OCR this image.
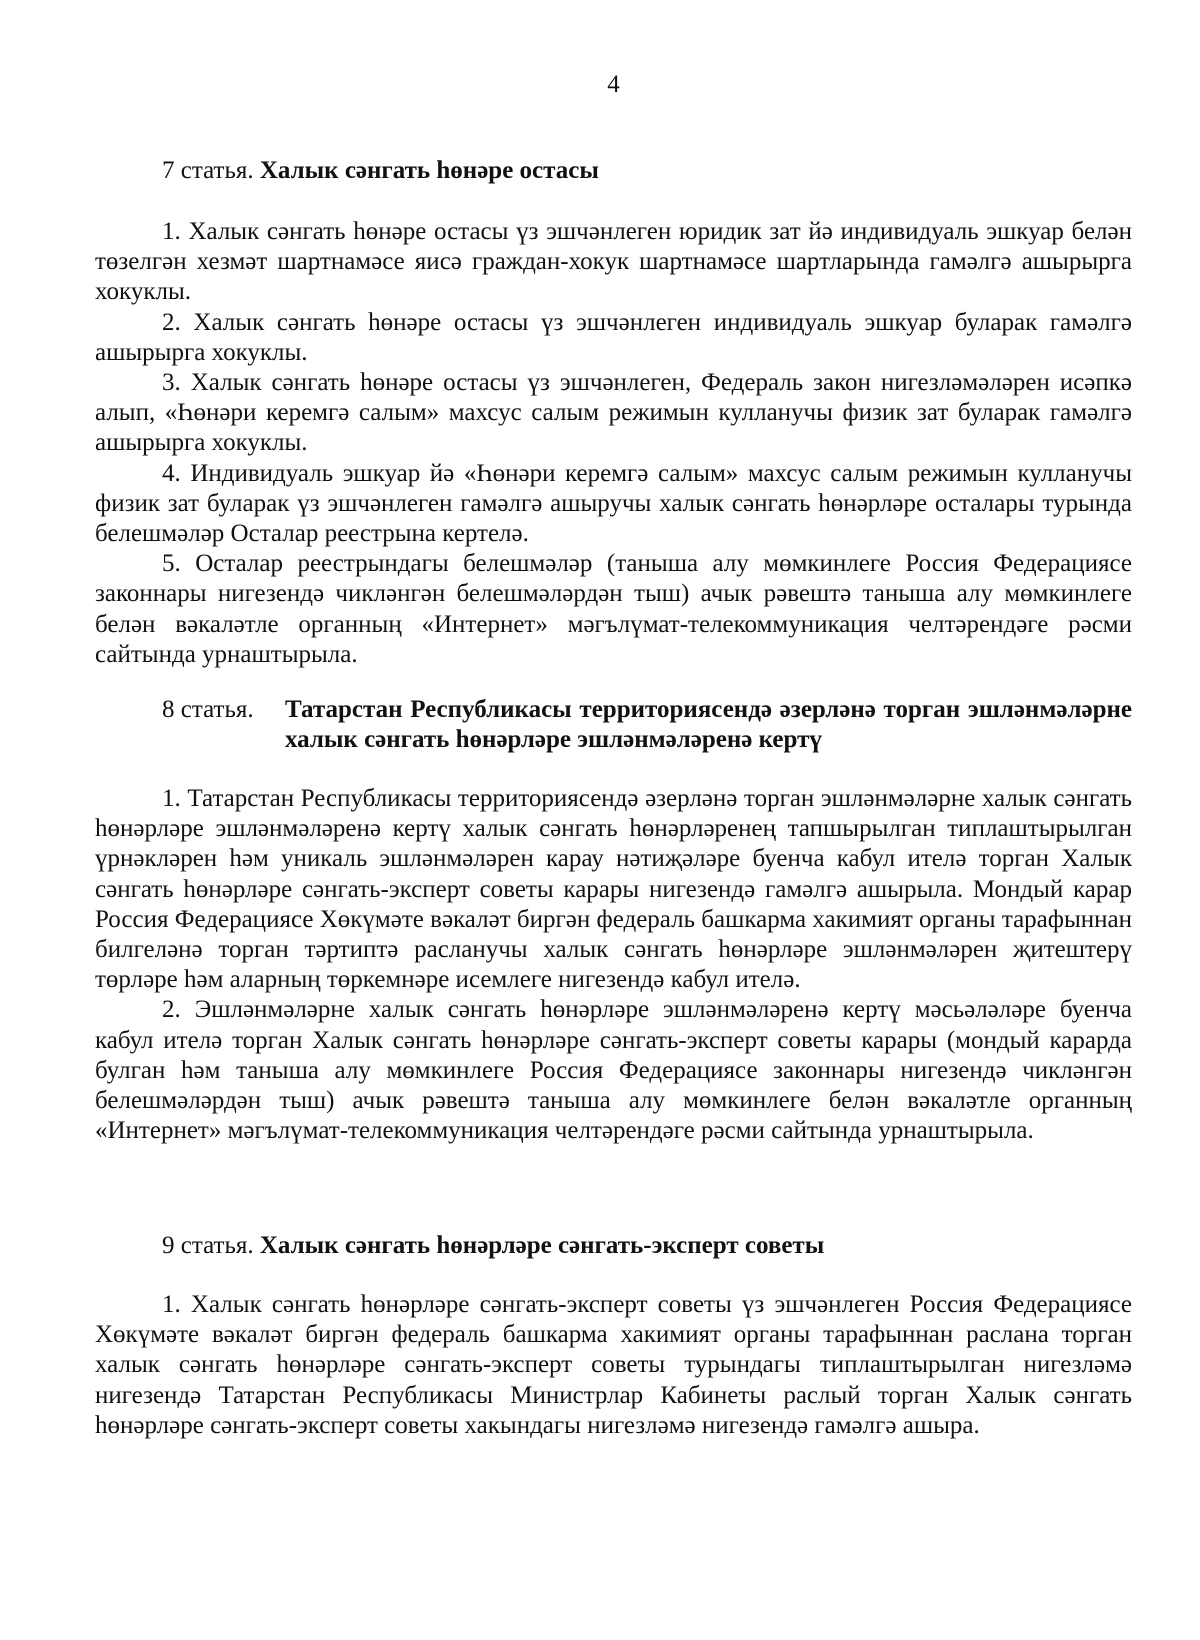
4

7 статья. Халык сәнгать һөнәре остасы

1. Халык сәнгать һөнәре остасы үз эшчәнлеген юридик зат йә индивидуаль эшкуар белән төзелгән хезмәт шартнамәсе яисә граждан-хокук шартнамәсе шартларында гамәлгә ашырырга хокуклы.

2. Халык сәнгать һөнәре остасы үз эшчәнлеген индивидуаль эшкуар буларак гамәлгә ашырырга хокуклы.

3. Халык сәнгать һөнәре остасы үз эшчәнлеген, Федераль закон нигезләмәләрен исәпкә алып, «Һөнәри керемгә салым» махсус салым режимын кулланучы физик зат буларак гамәлгә ашырырга хокуклы.

4. Индивидуаль эшкуар йә «Һөнәри керемгә салым» махсус салым режимын кулланучы физик зат буларак үз эшчәнлеген гамәлгә ашыручы халык сәнгать һөнәрләре осталары турында белешмәләр Осталар реестрына кертелә.

5. Осталар реестрындагы белешмәләр (таныша алу мөмкинлеге Россия Федерациясе законнары нигезендә чикләнгән белешмәләрдән тыш) ачык рәвештә таныша алу мөмкинлеге белән вәкаләтле органның «Интернет» мәгълүмат-телекоммуникация челтәрендәге рәсми сайтында урнаштырыла.

8 статья.	Татарстан Республикасы территориясендә әзерләнә торган эшләнмәләрне халык сәнгать һөнәрләре эшләнмәләренә кертү

1. Татарстан Республикасы территориясендә әзерләнә торган эшләнмәләрне халык сәнгать һөнәрләре эшләнмәләренә кертү халык сәнгать һөнәрләренең тапшырылган типлаштырылган үрнәкләрен һәм уникаль эшләнмәләрен карау нәтиҗәләре буенча кабул ителә торган Халык сәнгать һөнәрләре сәнгать-эксперт советы карары нигезендә гамәлгә ашырыла. Мондый карар Россия Федерациясе Хөкүмәте вәкаләт биргән федераль башкарма хакимият органы тарафыннан билгеләнә торган тәртиптә расланучы халык сәнгать һөнәрләре эшләнмәләрен җитештерү төрләре һәм аларның төркемнәре исемлеге нигезендә кабул ителә.

2. Эшләнмәләрне халык сәнгать һөнәрләре эшләнмәләренә кертү мәсьәләләре буенча кабул ителә торган Халык сәнгать һөнәрләре сәнгать-эксперт советы карары (мондый карарда булган һәм таныша алу мөмкинлеге Россия Федерациясе законнары нигезендә чикләнгән белешмәләрдән тыш) ачык рәвештә таныша алу мөмкинлеге белән вәкаләтле органның «Интернет» мәгълүмат-телекоммуникация челтәрендәге рәсми сайтында урнаштырыла.

9 статья. Халык сәнгать һөнәрләре сәнгать-эксперт советы

1. Халык сәнгать һөнәрләре сәнгать-эксперт советы үз эшчәнлеген Россия Федерациясе Хөкүмәте вәкаләт биргән федераль башкарма хакимият органы тарафыннан раслана торган халык сәнгать һөнәрләре сәнгать-эксперт советы турындагы типлаштырылган нигезләмә нигезендә Татарстан Республикасы Министрлар Кабинеты раслый торган Халык сәнгать һөнәрләре сәнгать-эксперт советы хакындагы нигезләмә нигезендә гамәлгә ашыра.
